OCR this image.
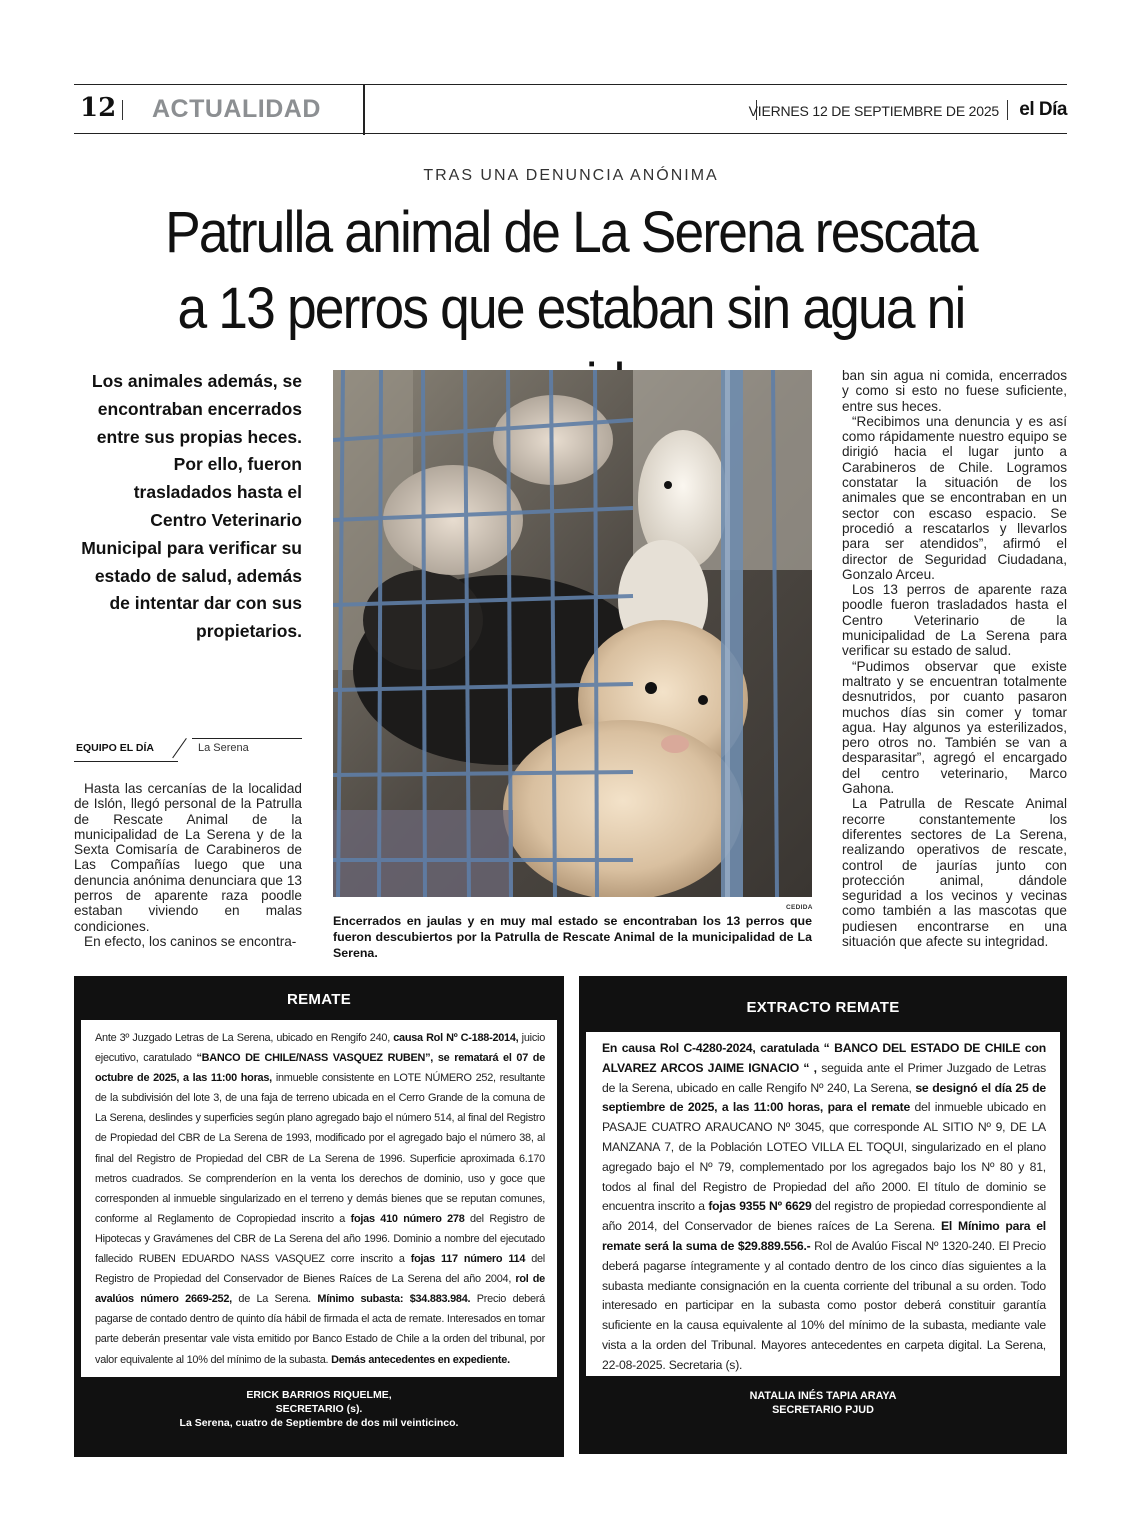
12 ACTUALIDAD	VIERNES 12 DE SEPTIEMBRE DE 2025 el Día
TRAS UNA DENUNCIA ANÓNIMA
Patrulla animal de La Serena rescata
a 13 perros que estaban sin agua ni
Los animales además, se encontraban encerrados entre sus propias heces. Por ello, fueron trasladados hasta el Centro Veterinario Municipal para verificar su estado de salud, además de intentar dar con sus propietarios.
EQUIPO EL DÍA	La Serena

Hasta las cercanías de la localidad de Islón, llegó personal de la Patrulla de Rescate Animal de la municipalidad de La Serena y de la Sexta Comisaría de Carabineros de Las Compañías luego que una denuncia anónima denunciara que 13 perros de aparente raza poodle estaban viviendo en malas condiciones.

En efecto, los caninos se encontra-

CEDIDA
Encerrados en jaulas y en muy mal estado se encontraban los 13 perros que fueron descubiertos por la Patrulla de Rescate Animal de la municipalidad de La Serena.

ban sin agua ni comida, encerrados y como si esto no fuese suficiente, entre sus heces.

“Recibimos una denuncia y es así como rápidamente nuestro equipo se dirigió hacia el lugar junto a Carabineros de Chile. Logramos constatar la situación de los animales que se encontraban en un sector con escaso espacio. Se procedió a rescatarlos y llevarlos para ser atendidos”, afirmó el director de Seguridad Ciudadana, Gonzalo Arceu.

Los 13 perros de aparente raza poodle fueron trasladados hasta el Centro Veterinario de la municipalidad de La Serena para verificar su estado de salud.

“Pudimos observar que existe maltrato y se encuentran totalmente desnutridos, por cuanto pasaron muchos días sin comer y tomar agua. Hay algunos ya esterilizados, pero otros no. También se van a desparasitar”, agregó el encargado del centro veterinario, Marco Gahona.

La Patrulla de Rescate Animal recorre constantemente los diferentes sectores de La Serena, realizando operativos de rescate, control de jaurías junto con protección animal, dándole seguridad a los vecinos y vecinas como también a las mascotas que pudiesen encontrarse en una situación que afecte su integridad.

REMATE
Ante 3º Juzgado Letras de La Serena, ubicado en Rengifo 240, causa Rol Nº C-188-2014, juicio ejecutivo, caratulado “BANCO DE CHILE/NASS VASQUEZ RUBEN”, se rematará el 07 de octubre de 2025, a las 11:00 horas, inmueble consistente en LOTE NÚMERO 252, resultante de la subdivisión del lote 3, de una faja de terreno ubicada en el Cerro Grande de la comuna de La Serena, deslindes y superficies según plano agregado bajo el número 514, al final del Registro de Propiedad del CBR de La Serena de 1993, modificado por el agregado bajo el número 38, al final del Registro de Propiedad del CBR de La Serena de 1996. Superficie aproximada 6.170 metros cuadrados. Se comprenderíon en la venta los derechos de dominio, uso y goce que corresponden al inmueble singularizado en el terreno y demás bienes que se reputan comunes, conforme al Reglamento de Copropiedad inscrito a fojas 410 número 278 del Registro de Hipotecas y Gravámenes del CBR de La Serena del año 1996. Dominio a nombre del ejecutado fallecido RUBEN EDUARDO NASS VASQUEZ corre inscrito a fojas 117 número 114 del Registro de Propiedad del Conservador de Bienes Raíces de La Serena del año 2004, rol de avalúos número 2669-252, de La Serena. Mínimo subasta: $34.883.984. Precio deberá pagarse de contado dentro de quinto día hábil de firmada el acta de remate. Interesados en tomar parte deberán presentar vale vista emitido por Banco Estado de Chile a la orden del tribunal, por valor equivalente al 10% del mínimo de la subasta. Demás antecedentes en expediente.
ERICK BARRIOS RIQUELME,
SECRETARIO (s).
La Serena, cuatro de Septiembre de dos mil veinticinco.
EXTRACTO REMATE
En causa Rol C-4280-2024, caratulada “ BANCO DEL ESTADO DE CHILE con ALVAREZ ARCOS JAIME IGNACIO “ , seguida ante el Primer Juzgado de Letras de la Serena, ubicado en calle Rengifo Nº 240, La Serena, se designó el día 25 de septiembre de 2025, a las 11:00 horas, para el remate del inmueble ubicado en PASAJE CUATRO ARAUCANO Nº 3045, que corresponde AL SITIO Nº 9, DE LA MANZANA 7, de la Población LOTEO VILLA EL TOQUI, singularizado en el plano agregado bajo el Nº 79, complementado por los agregados bajo los Nº 80 y 81, todos al final del Registro de Propiedad del año 2000. El título de dominio se encuentra inscrito a fojas 9355 Nº 6629 del registro de propiedad correspondiente al año 2014, del Conservador de bienes raíces de La Serena. El Mínimo para el remate será la suma de $29.889.556.- Rol de Avalúo Fiscal Nº 1320-240. El Precio deberá pagarse íntegramente y al contado dentro de los cinco días siguientes a la subasta mediante consignación en la cuenta corriente del tribunal a su orden. Todo interesado en participar en la subasta como postor deberá constituir garantía suficiente en la causa equivalente al 10% del mínimo de la subasta, mediante vale vista a la orden del Tribunal. Mayores antecedentes en carpeta digital. La Serena, 22-08-2025. Secretaria (s).
NATALIA INÉS TAPIA ARAYA
SECRETARIO PJUD
